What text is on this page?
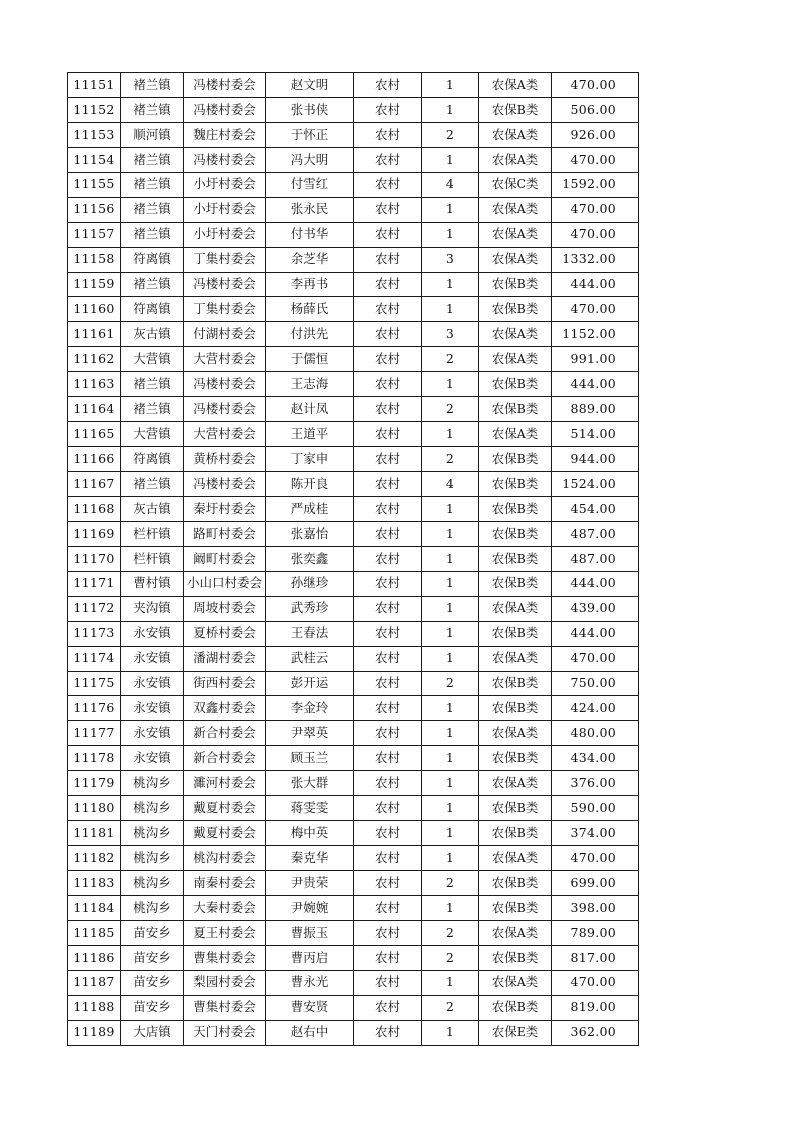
11151	褚兰镇	冯楼村委会	赵文明	农村	1	农保A类	470.00
11152	褚兰镇	冯楼村委会	张书侠	农村	1	农保B类	506.00
11153	顺河镇	魏庄村委会	于怀正	农村	2	农保A类	926.00
11154	褚兰镇	冯楼村委会	冯大明	农村	1	农保A类	470.00
11155	褚兰镇	小圩村委会	付雪红	农村	4	农保C类	1592.00
11156	褚兰镇	小圩村委会	张永民	农村	1	农保A类	470.00
11157	褚兰镇	小圩村委会	付书华	农村	1	农保A类	470.00
11158	符离镇	丁集村委会	余芝华	农村	3	农保A类	1332.00
11159	褚兰镇	冯楼村委会	李再书	农村	1	农保B类	444.00
11160	符离镇	丁集村委会	杨薛氏	农村	1	农保B类	470.00
11161	灰古镇	付湖村委会	付洪先	农村	3	农保A类	1152.00
11162	大营镇	大营村委会	于儒恒	农村	2	农保A类	991.00
11163	褚兰镇	冯楼村委会	王志海	农村	1	农保B类	444.00
11164	褚兰镇	冯楼村委会	赵计凤	农村	2	农保B类	889.00
11165	大营镇	大营村委会	王道平	农村	1	农保A类	514.00
11166	符离镇	黄桥村委会	丁家申	农村	2	农保B类	944.00
11167	褚兰镇	冯楼村委会	陈开良	农村	4	农保B类	1524.00
11168	灰古镇	秦圩村委会	严成桂	农村	1	农保B类	454.00
11169	栏杆镇	路町村委会	张嘉怡	农村	1	农保B类	487.00
11170	栏杆镇	阚町村委会	张奕鑫	农村	1	农保B类	487.00
11171	曹村镇	小山口村委会	孙继珍	农村	1	农保B类	444.00
11172	夹沟镇	周坡村委会	武秀珍	农村	1	农保A类	439.00
11173	永安镇	夏桥村委会	王春法	农村	1	农保B类	444.00
11174	永安镇	潘湖村委会	武桂云	农村	1	农保A类	470.00
11175	永安镇	街西村委会	彭开运	农村	2	农保B类	750.00
11176	永安镇	双鑫村委会	李金玲	农村	1	农保B类	424.00
11177	永安镇	新合村委会	尹翠英	农村	1	农保A类	480.00
11178	永安镇	新合村委会	顾玉兰	农村	1	农保B类	434.00
11179	桃沟乡	濉河村委会	张大群	农村	1	农保A类	376.00
11180	桃沟乡	戴夏村委会	蒋雯雯	农村	1	农保B类	590.00
11181	桃沟乡	戴夏村委会	梅中英	农村	1	农保B类	374.00
11182	桃沟乡	桃沟村委会	秦克华	农村	1	农保A类	470.00
11183	桃沟乡	南秦村委会	尹贵荣	农村	2	农保B类	699.00
11184	桃沟乡	大秦村委会	尹婉婉	农村	1	农保B类	398.00
11185	苗安乡	夏王村委会	曹振玉	农村	2	农保A类	789.00
11186	苗安乡	曹集村委会	曹丙启	农村	2	农保B类	817.00
11187	苗安乡	梨园村委会	曹永光	农村	1	农保A类	470.00
11188	苗安乡	曹集村委会	曹安贤	农村	2	农保B类	819.00
11189	大店镇	天门村委会	赵右中	农村	1	农保E类	362.00
